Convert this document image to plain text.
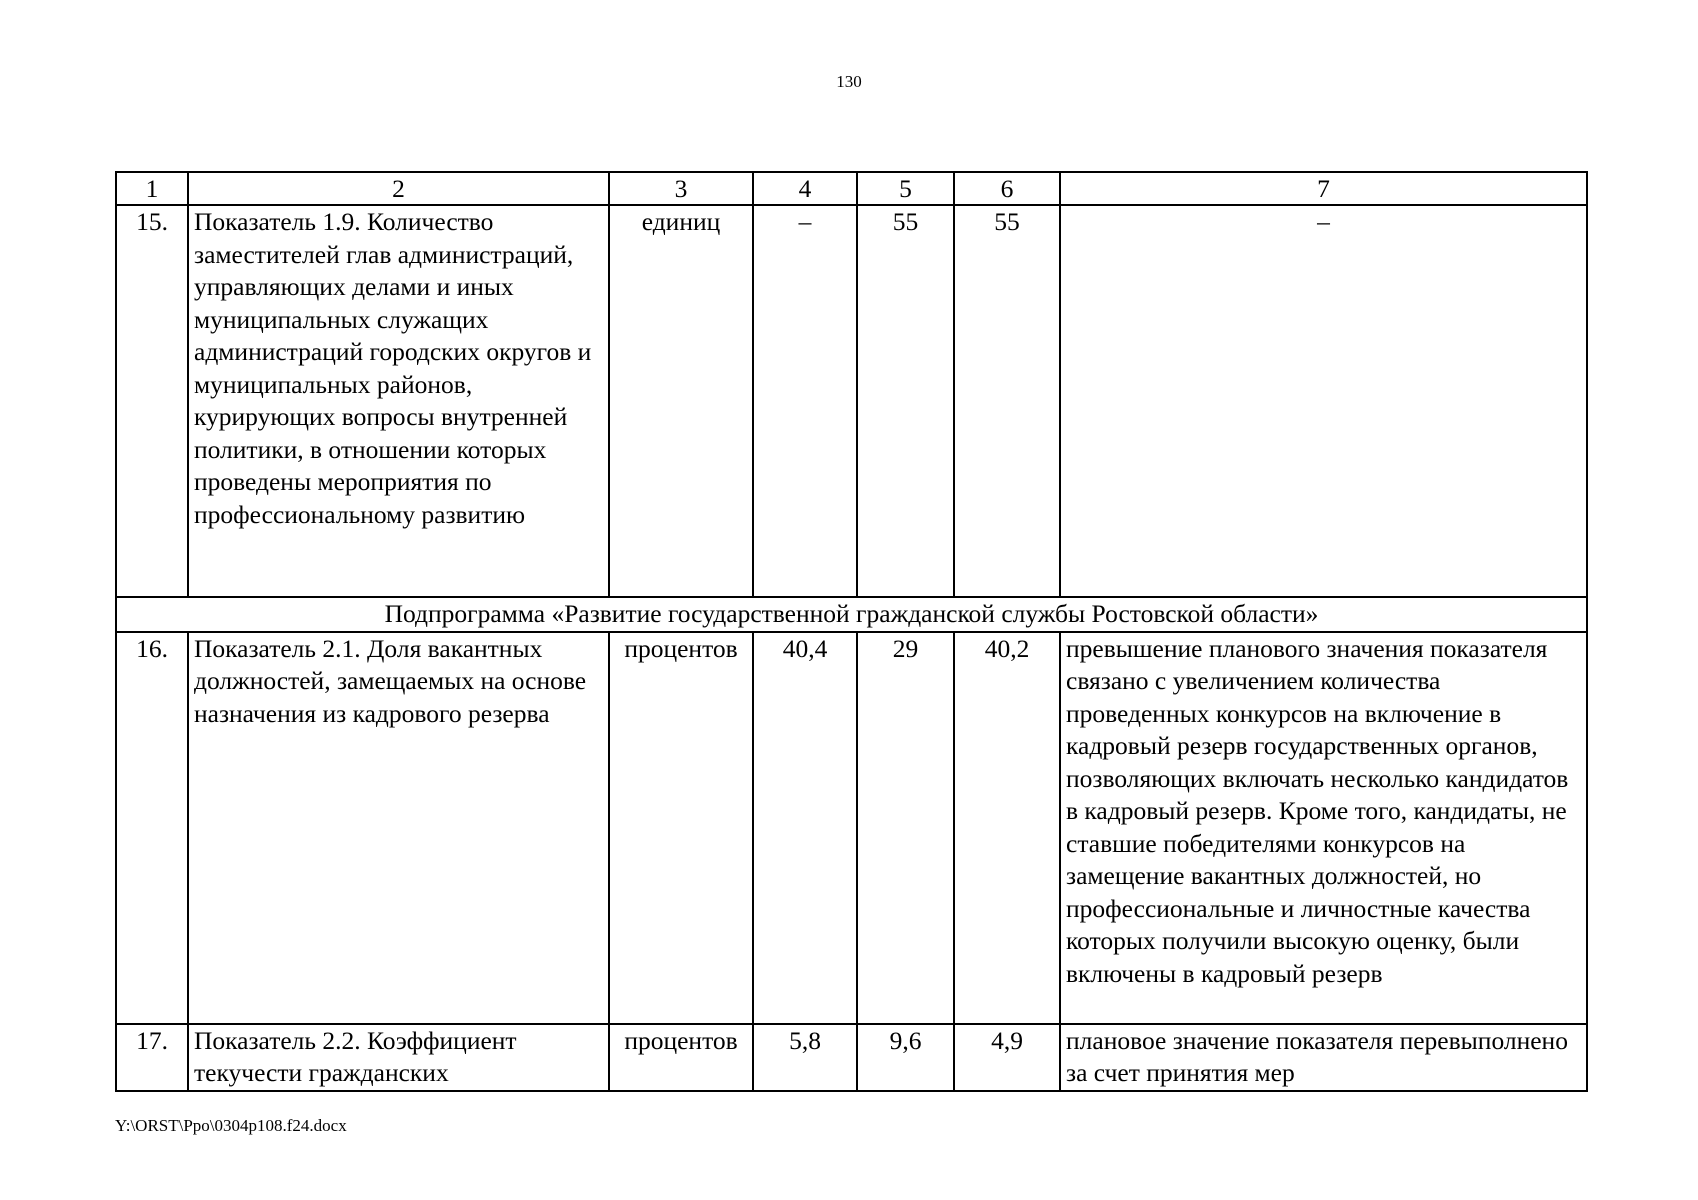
130
1	2	3	4	5	6	7
15.	Показатель 1.9. Количество заместителей глав администраций, управляющих делами и иных муниципальных служащих администраций городских округов и муниципальных районов, курирующих вопросы внутренней политики, в отношении которых проведены мероприятия по профессиональному развитию	единиц	–	55	55	–
Подпрограмма «Развитие государственной гражданской службы Ростовской области»						
16.	Показатель 2.1. Доля вакантных должностей, замещаемых на основе назначения из кадрового резерва	процентов	40,4	29	40,2	превышение планового значения показателя связано с увеличением количества проведенных конкурсов на включение в кадровый резерв государственных органов, позволяющих включать несколько кандидатов в кадровый резерв. Кроме того, кандидаты, не ставшие победителями конкурсов на замещение вакантных должностей, но профессиональные и личностные качества которых получили высокую оценку, были включены в кадровый резерв
17.	Показатель 2.2. Коэффициент текучести гражданских	процентов	5,8	9,6	4,9	плановое значение показателя перевыполнено за счет принятия мер
Y:\ORST\Ppo\0304p108.f24.docx
